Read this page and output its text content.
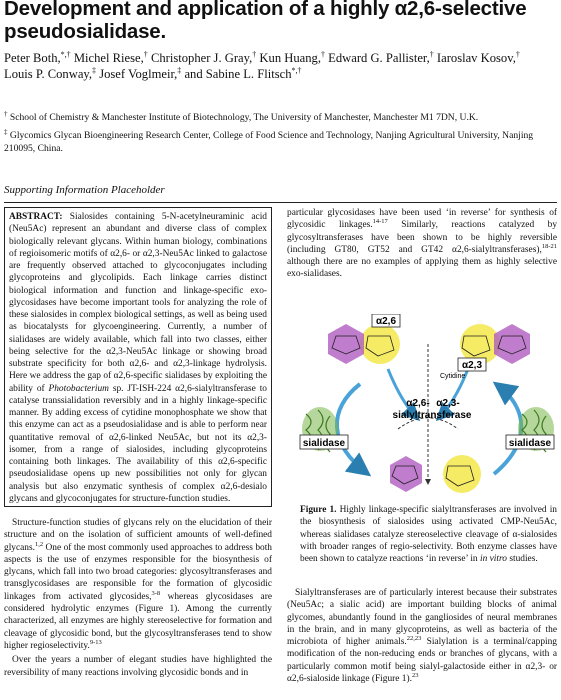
Development and application of a highly α2,6-selective pseudosialidase.
Peter Both,*,† Michel Riese,† Christopher J. Gray,† Kun Huang,† Edward G. Pallister,† Iaroslav Kosov,† Louis P. Conway,‡ Josef Voglmeir,‡ and Sabine L. Flitsch*,†
† School of Chemistry & Manchester Institute of Biotechnology, The University of Manchester, Manchester M1 7DN, U.K.
‡ Glycomics Glycan Bioengineering Research Center, College of Food Science and Technology, Nanjing Agricultural University, Nanjing 210095, China.
Supporting Information Placeholder
ABSTRACT: Sialosides containing 5-N-acetylneuraminic acid (Neu5Ac) represent an abundant and diverse class of complex biologically relevant glycans. Within human biology, combinations of regioisomeric motifs of α2,6- or α2,3-Neu5Ac linked to galactose are frequently observed attached to glycoconjugates including glycoproteins and glycolipids. Each linkage carries distinct biological information and function and linkage-specific exo-glycosidases have become important tools for analyzing the role of these sialosides in complex biological settings, as well as being used as biocatalysts for glycoengineering. Currently, a number of sialidases are widely available, which fall into two classes, either being selective for the α2,3-Neu5Ac linkage or showing broad substrate specificity for both α2,6- and α2,3-linkage hydrolysis. Here we address the gap of α2,6-specific sialidases by exploiting the ability of Photobacterium sp. JT-ISH-224 α2,6-sialyltransferase to catalyse transsialidation reversibly and in a highly linkage-specific manner. By adding excess of cytidine monophosphate we show that this enzyme can act as a pseudosialidase and is able to perform near quantitative removal of α2,6-linked Neu5Ac, but not its α2,3-isomer, from a range of sialosides, including glycoproteins containing both linkages. The availability of this α2,6-specific pseudosialidase opens up new possibilities not only for glycan analysis but also enzymatic synthesis of complex α2,6-desialo glycans and glycoconjugates for structure-function studies.

Structure-function studies of glycans rely on the elucidation of their structure and on the isolation of sufficient amounts of well-defined glycans.$^{1,2}$ One of the most commonly used approaches to address both aspects is the use of enzymes responsible for the biosynthesis of glycans, which fall into two broad categories: glycosyltransferases and transglycosidases are responsible for the formation of glycosidic linkages from activated glycosides,$^{3-8}$ whereas glycosidases are considered hydrolytic enzymes (Figure 1). Among the currently characterized, all enzymes are highly stereoselective for formation and cleavage of glycosidic bond, but the glycosyltransferases tend to show higher regioselectivity.$^{9-13}$

Over the years a number of elegant studies have highlighted the reversibility of many reactions involving glycosidic bonds and in

particular glycosidases have been used ‘in reverse’ for synthesis of glycosidic linkages.$^{14-17}$ Similarly, reactions catalyzed by glycosyltransferases have been shown to be highly reversible (including GT80, GT52 and GT42 α2,6-sialyltransferases),$^{18-21}$ although there are no examples of applying them as highly selective exo-sialidases.

α2,6
α2,3
Cytidine
α2,6- α2,3-
sialyltransferase
sialidase	sialidase
Figure 1. Highly linkage-specific sialyltransferases are involved in the biosynthesis of sialosides using activated CMP-Neu5Ac, whereas sialidases catalyze stereoselective cleavage of α-sialosides with broader ranges of regio-selectivity. Both enzyme classes have been shown to catalyze reactions ‘in reverse’ in in vitro studies.

Sialyltransferases are of particularly interest because their substrates (Neu5Ac; a sialic acid) are important building blocks of animal glycomes, abundantly found in the gangliosides of neural membranes in the brain, and in many glycoproteins, as well as bacteria of the microbiota of higher animals.$^{22,23}$ Sialylation is a terminal/capping modification of the non-reducing ends or branches of glycans, with a particularly common motif being sialyl-galactoside either in α2,3- or α2,6-sialoside linkage (Figure 1).$^{23}$
